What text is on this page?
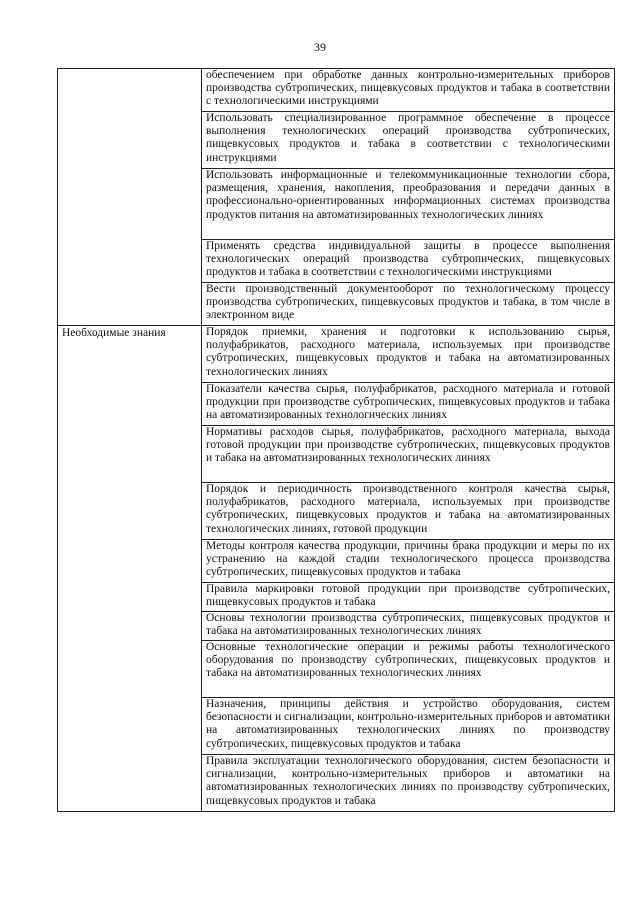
39

	обеспечением при обработке данных контрольно-измерительных приборов производства субтропических, пищевкусовых продуктов и табака в соответствии с технологическими инструкциями

	Использовать специализированное программное обеспечение в процессе выполнения технологических операций производства субтропических, пищевкусовых продуктов и табака в соответствии с технологическими инструкциями

	Использовать информационные и телекоммуникационные технологии сбора, размещения, хранения, накопления, преобразования и передачи данных в профессионально-ориентированных информационных системах производства продуктов питания на автоматизированных технологических линиях

	Применять средства индивидуальной защиты в процессе выполнения технологических операций производства субтропических, пищевкусовых продуктов и табака в соответствии с технологическими инструкциями

	Вести производственный документооборот по технологическому процессу производства субтропических, пищевкусовых продуктов и табака, в том числе в электронном виде

Необходимые знания	Порядок приемки, хранения и подготовки к использованию сырья, полуфабрикатов, расходного материала, используемых при производстве субтропических, пищевкусовых продуктов и табака на автоматизированных технологических линиях

	Показатели качества сырья, полуфабрикатов, расходного материала и готовой продукции при производстве субтропических, пищевкусовых продуктов и табака на автоматизированных технологических линиях

	Нормативы расходов сырья, полуфабрикатов, расходного материала, выхода готовой продукции при производстве субтропических, пищевкусовых продуктов и табака на автоматизированных технологических линиях

	Порядок и периодичность производственного контроля качества сырья, полуфабрикатов, расходного материала, используемых при производстве субтропических, пищевкусовых продуктов и табака на автоматизированных технологических линиях, готовой продукции

	Методы контроля качества продукции, причины брака продукции и меры по их устранению на каждой стадии технологического процесса производства субтропических, пищевкусовых продуктов и табака

	Правила маркировки готовой продукции при производстве субтропических, пищевкусовых продуктов и табака

	Основы технологии производства субтропических, пищевкусовых продуктов и табака на автоматизированных технологических линиях

	Основные технологические операции и режимы работы технологического оборудования по производству субтропических, пищевкусовых продуктов и табака на автоматизированных технологических линиях

	Назначения, принципы действия и устройство оборудования, систем безопасности и сигнализации, контрольно-измерительных приборов и автоматики на автоматизированных технологических линиях по производству субтропических, пищевкусовых продуктов и табака

	Правила эксплуатации технологического оборудования, систем безопасности и сигнализации, контрольно-измерительных приборов и автоматики на автоматизированных технологических линиях по производству субтропических, пищевкусовых продуктов и табака
